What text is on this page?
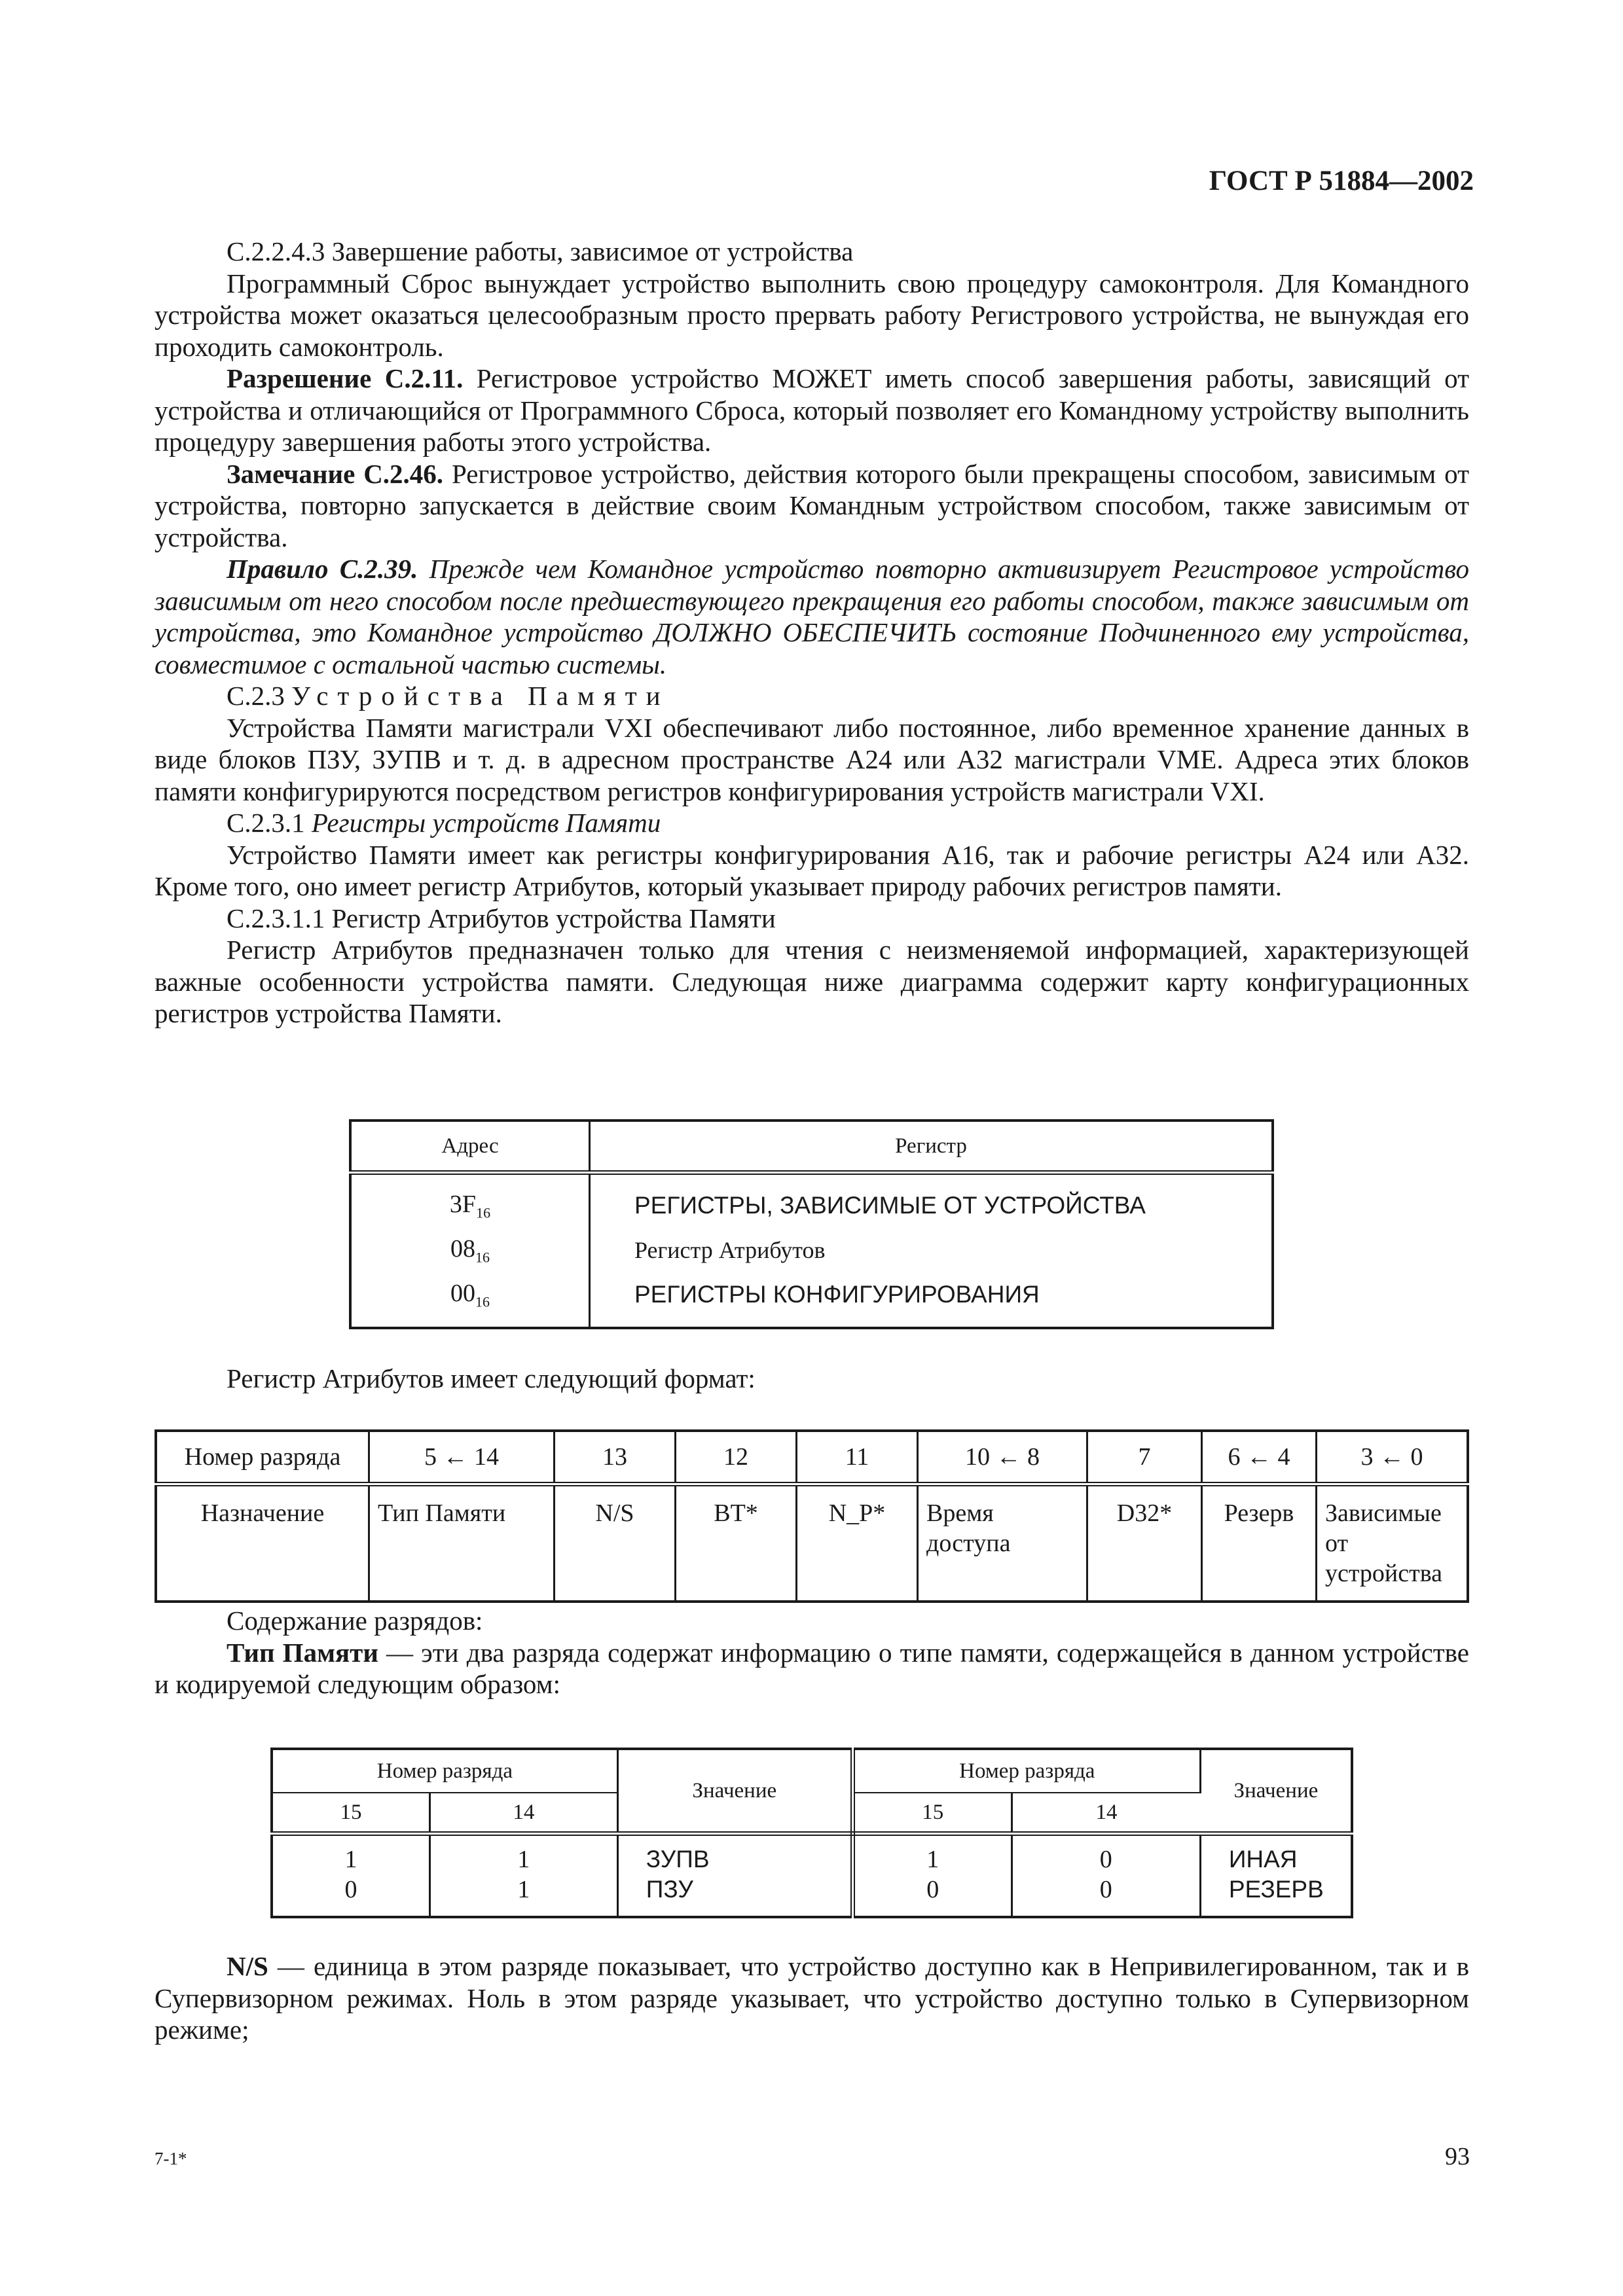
ГОСТ Р 51884—2002

С.2.2.4.3 Завершение работы, зависимое от устройства

Программный Сброс вынуждает устройство выполнить свою процедуру самоконтроля. Для Командного устройства может оказаться целесообразным просто прервать работу Регистрового устройства, не вынуждая его проходить самоконтроль.

Разрешение С.2.11. Регистровое устройство МОЖЕТ иметь способ завершения работы, зависящий от устройства и отличающийся от Программного Сброса, который позволяет его Командному устройству выполнить процедуру завершения работы этого устройства.

Замечание С.2.46. Регистровое устройство, действия которого были прекращены способом, зависимым от устройства, повторно запускается в действие своим Командным устройством способом, также зависимым от устройства.

Правило С.2.39. Прежде чем Командное устройство повторно активизирует Регистровое устройство зависимым от него способом после предшествующего прекращения его работы способом, также зависимым от устройства, это Командное устройство ДОЛЖНО ОБЕСПЕЧИТЬ состояние Подчиненного ему устройства, совместимое с остальной частью системы.

С.2.3 Устройства Памяти

Устройства Памяти магистрали VXI обеспечивают либо постоянное, либо временное хранение данных в виде блоков ПЗУ, ЗУПВ и т. д. в адресном пространстве А24 или А32 магистрали VME. Адреса этих блоков памяти конфигурируются посредством регистров конфигурирования устройств магистрали VXI.

С.2.3.1 Регистры устройств Памяти

Устройство Памяти имеет как регистры конфигурирования А16, так и рабочие регистры А24 или А32. Кроме того, оно имеет регистр Атрибутов, который указывает природу рабочих регистров памяти.

С.2.3.1.1 Регистр Атрибутов устройства Памяти

Регистр Атрибутов предназначен только для чтения с неизменяемой информацией, характеризующей важные особенности устройства памяти. Следующая ниже диаграмма содержит карту конфигурационных регистров устройства Памяти.

Адрес	Регистр
$3F_{16}$	РЕГИСТРЫ, ЗАВИСИМЫЕ ОТ УСТРОЙСТВА
$08_{16}$	Регистр Атрибутов
$00_{16}$	РЕГИСТРЫ КОНФИГУРИРОВАНИЯ
Регистр Атрибутов имеет следующий формат:
Номер разряда	5 ← 14	13	12	11	10 ← 8	7	6 ← 4	3 ← 0
Назначение	Тип Памяти	N/S	BT*	N_P*	Время доступа	D32*	Резерв	Зависимые от устройства

Содержание разрядов:

Тип Памяти — эти два разряда содержат информацию о типе памяти, содержащейся в данном устройстве и кодируемой следующим образом:

Номер разряда		Значение	Номер разряда		Значение
15	14		15	14	
1	1	ЗУПВ	1	0	ИНАЯ
0	1	ПЗУ	0	0	РЕЗЕРВ

N/S — единица в этом разряде показывает, что устройство доступно как в Непривилегированном, так и в Супервизорном режимах. Ноль в этом разряде указывает, что устройство доступно только в Супервизорном режиме;

7-1*	93
